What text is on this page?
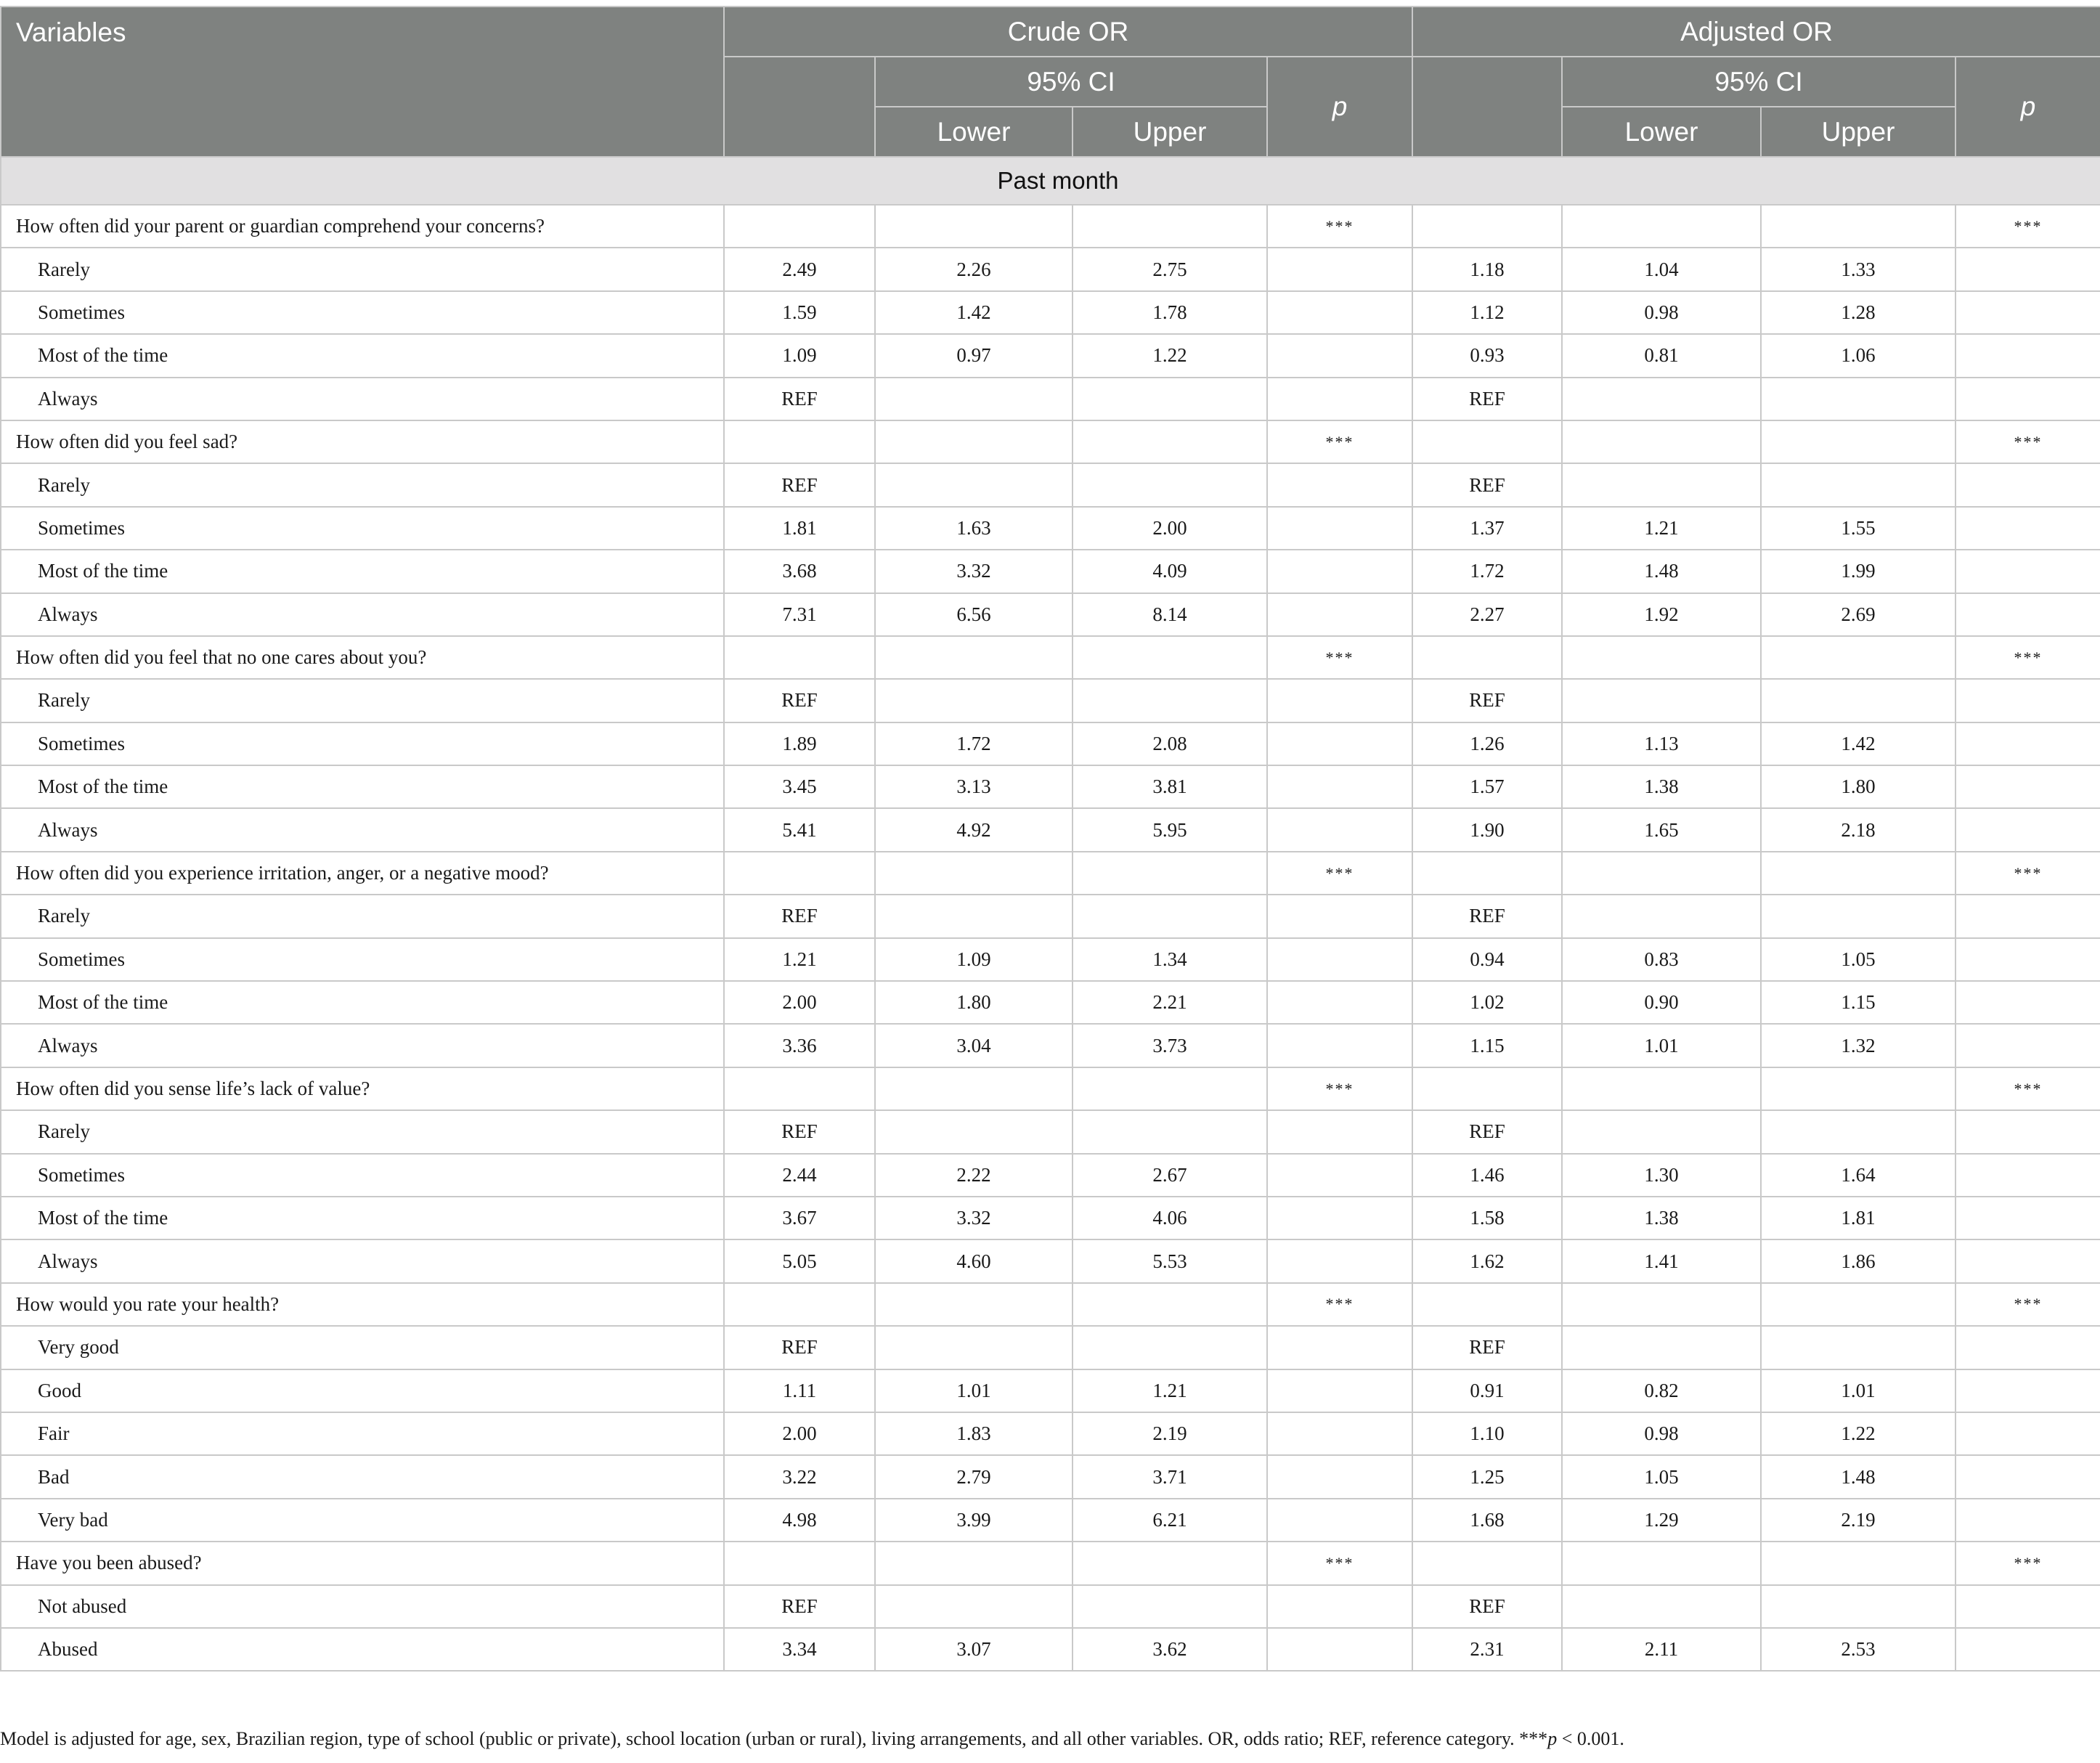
Variables	Crude OR				Adjusted OR			
		95% CI		p		95% CI		p
		Lower	Upper			Lower	Upper	
Past month								
How often did your parent or guardian comprehend your concerns?				***				***
Rarely	2.49	2.26	2.75		1.18	1.04	1.33	
Sometimes	1.59	1.42	1.78		1.12	0.98	1.28	
Most of the time	1.09	0.97	1.22		0.93	0.81	1.06	
Always	REF				REF			
How often did you feel sad?				***				***
Rarely	REF				REF			
Sometimes	1.81	1.63	2.00		1.37	1.21	1.55	
Most of the time	3.68	3.32	4.09		1.72	1.48	1.99	
Always	7.31	6.56	8.14		2.27	1.92	2.69	
How often did you feel that no one cares about you?				***				***
Rarely	REF				REF			
Sometimes	1.89	1.72	2.08		1.26	1.13	1.42	
Most of the time	3.45	3.13	3.81		1.57	1.38	1.80	
Always	5.41	4.92	5.95		1.90	1.65	2.18	
How often did you experience irritation, anger, or a negative mood?				***				***
Rarely	REF				REF			
Sometimes	1.21	1.09	1.34		0.94	0.83	1.05	
Most of the time	2.00	1.80	2.21		1.02	0.90	1.15	
Always	3.36	3.04	3.73		1.15	1.01	1.32	
How often did you sense life’s lack of value?				***				***
Rarely	REF				REF			
Sometimes	2.44	2.22	2.67		1.46	1.30	1.64	
Most of the time	3.67	3.32	4.06		1.58	1.38	1.81	
Always	5.05	4.60	5.53		1.62	1.41	1.86	
How would you rate your health?				***				***
Very good	REF				REF			
Good	1.11	1.01	1.21		0.91	0.82	1.01	
Fair	2.00	1.83	2.19		1.10	0.98	1.22	
Bad	3.22	2.79	3.71		1.25	1.05	1.48	
Very bad	4.98	3.99	6.21		1.68	1.29	2.19	
Have you been abused?				***				***
Not abused	REF				REF			
Abused	3.34	3.07	3.62		2.31	2.11	2.53	
Model is adjusted for age, sex, Brazilian region, type of school (public or private), school location (urban or rural), living arrangements, and all other variables. OR, odds ratio; REF, reference category. ***p < 0.001.
